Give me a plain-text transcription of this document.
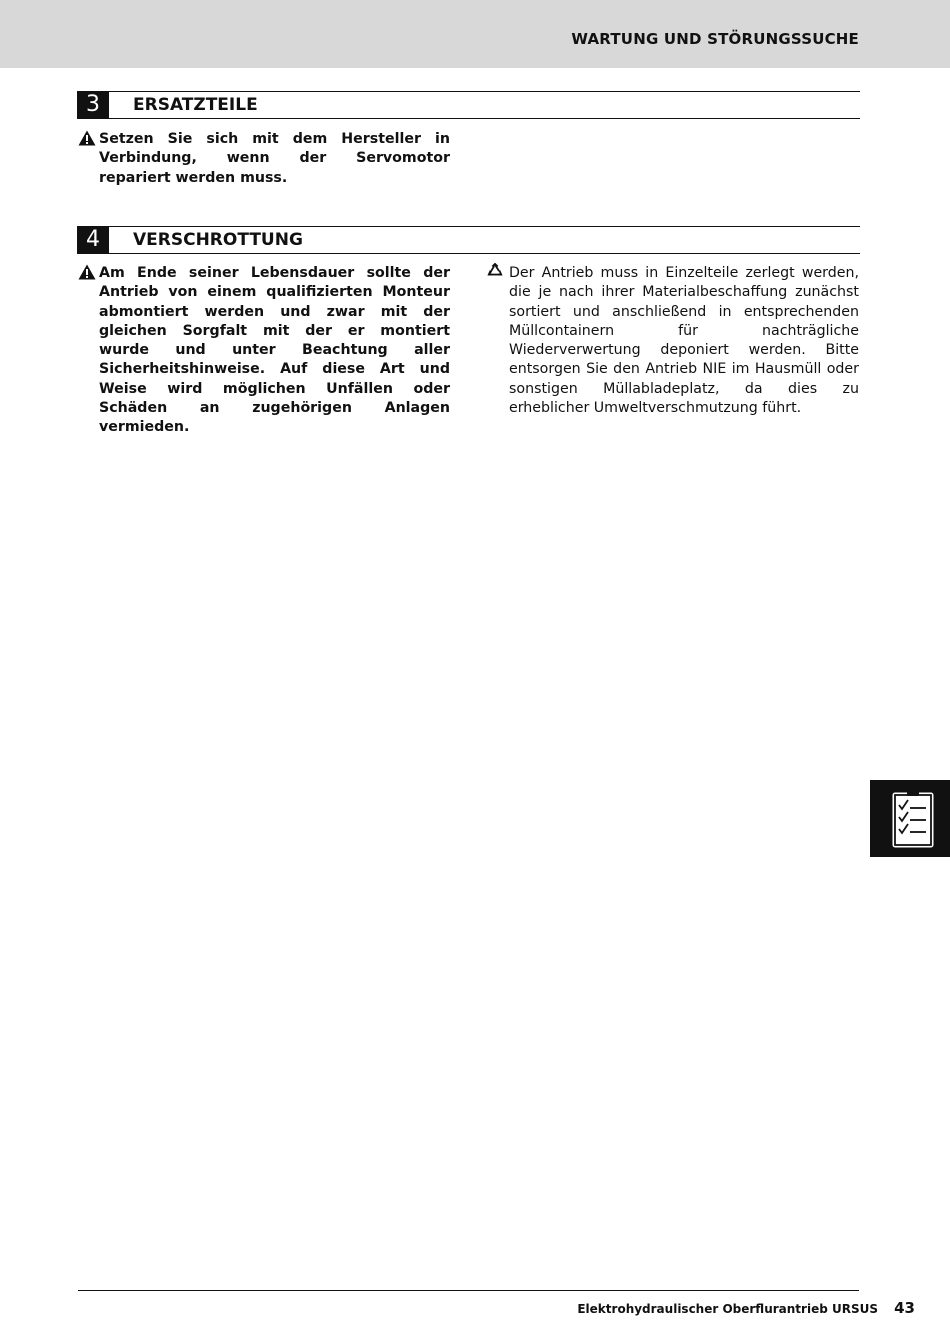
WARTUNG UND STÖRUNGSSUCHE
3	ERSATZTEILE
Setzen Sie sich mit dem Hersteller in Verbindung, wenn der Servomotor repariert werden muss.
4	VERSCHROTTUNG
Am Ende seiner Lebensdauer sollte der Antrieb von einem qualifizierten Monteur abmontiert werden und zwar mit der gleichen Sorgfalt mit der er montiert wurde und unter Beachtung aller Sicherheitshinweise. Auf diese Art und Weise wird möglichen Unfällen oder Schäden an zugehörigen Anlagen vermieden.
Der Antrieb muss in Einzelteile zerlegt werden, die je nach ihrer Materialbeschaffung zunächst sortiert und anschließend in entsprechenden Müllcontainern für nachträgliche Wiederverwertung deponiert werden. Bitte entsorgen Sie den Antrieb NIE im Hausmüll oder sonstigen Müllabladeplatz, da dies zu erheblicher Umweltverschmutzung führt.
Elektrohydraulischer Oberflurantrieb URSUS 43
